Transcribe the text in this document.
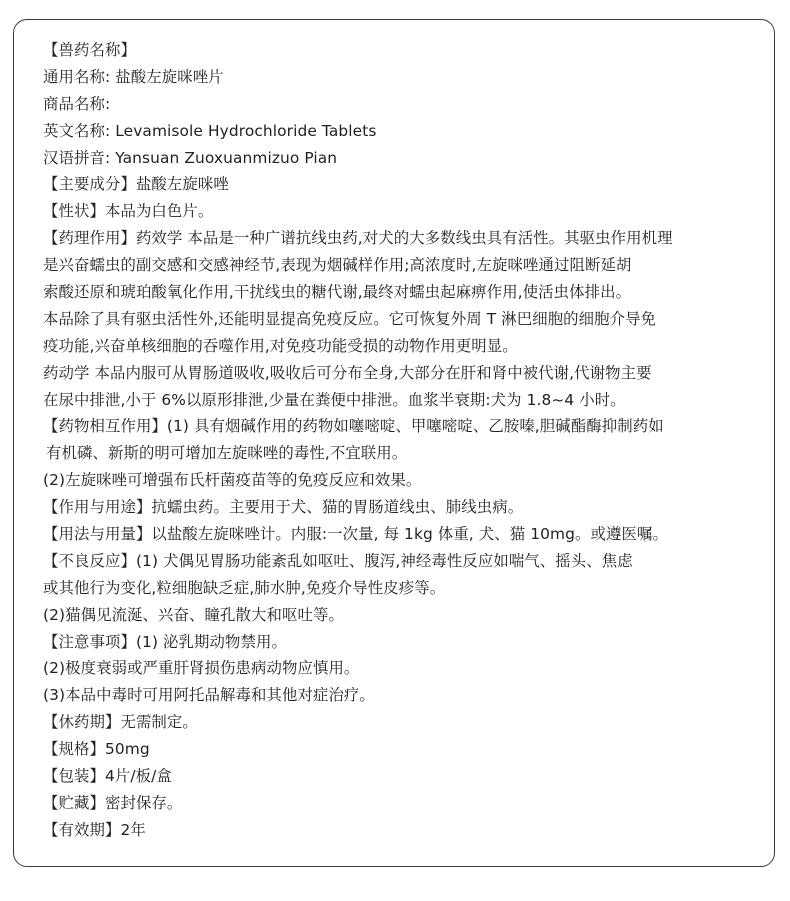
【兽药名称】
通用名称: 盐酸左旋咪唑片
商品名称:
英文名称: Levamisole Hydrochloride Tablets
汉语拼音: Yansuan Zuoxuanmizuo Pian
【主要成分】盐酸左旋咪唑
【性状】本品为白色片。
【药理作用】药效学 本品是一种广谱抗线虫药,对犬的大多数线虫具有活性。其驱虫作用机理
是兴奋蠕虫的副交感和交感神经节,表现为烟碱样作用;高浓度时,左旋咪唑通过阻断延胡
索酸还原和琥珀酸氧化作用,干扰线虫的糖代谢,最终对蠕虫起麻痹作用,使活虫体排出。
本品除了具有驱虫活性外,还能明显提高免疫反应。它可恢复外周 T 淋巴细胞的细胞介导免
疫功能,兴奋单核细胞的吞噬作用,对免疫功能受损的动物作用更明显。
药动学 本品内服可从胃肠道吸收,吸收后可分布全身,大部分在肝和肾中被代谢,代谢物主要
在尿中排泄,小于 6%以原形排泄,少量在粪便中排泄。血浆半衰期:犬为 1.8~4 小时。
【药物相互作用】(1) 具有烟碱作用的药物如噻嘧啶、甲噻嘧啶、乙胺嗪,胆碱酯酶抑制药如
有机磷、新斯的明可增加左旋咪唑的毒性,不宜联用。
(2)左旋咪唑可增强布氏杆菌疫苗等的免疫反应和效果。
【作用与用途】抗蠕虫药。主要用于犬、猫的胃肠道线虫、肺线虫病。
【用法与用量】以盐酸左旋咪唑计。内服:一次量, 每 1kg 体重, 犬、猫 10mg。或遵医嘱。
【不良反应】(1) 犬偶见胃肠功能紊乱如呕吐、腹泻,神经毒性反应如喘气、摇头、焦虑
或其他行为变化,粒细胞缺乏症,肺水肿,免疫介导性皮疹等。
(2)猫偶见流涎、兴奋、瞳孔散大和呕吐等。
【注意事项】(1) 泌乳期动物禁用。
(2)极度衰弱或严重肝肾损伤患病动物应慎用。
(3)本品中毒时可用阿托品解毒和其他对症治疗。
【休药期】无需制定。
【规格】50mg
【包装】4片/板/盒
【贮藏】密封保存。
【有效期】2年
